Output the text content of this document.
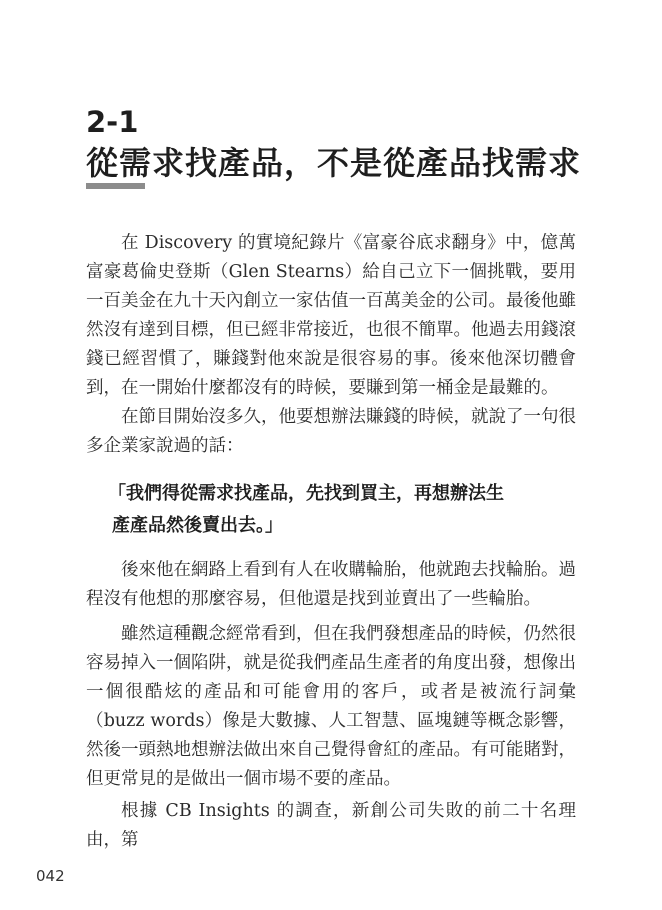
2-1
從需求找產品，不是從產品找需求

在 Discovery 的實境紀錄片《富豪谷底求翻身》中，億萬富豪葛倫史登斯（Glen Stearns）給自己立下一個挑戰，要用一百美金在九十天內創立一家估值一百萬美金的公司。最後他雖然沒有達到目標，但已經非常接近，也很不簡單。他過去用錢滾錢已經習慣了，賺錢對他來說是很容易的事。後來他深切體會到，在一開始什麼都沒有的時候，要賺到第一桶金是最難的。

在節目開始沒多久，他要想辦法賺錢的時候，就說了一句很多企業家說過的話：

「我們得從需求找產品，先找到買主，再想辦法生
產產品然後賣出去。」

後來他在網路上看到有人在收購輪胎，他就跑去找輪胎。過程沒有他想的那麼容易，但他還是找到並賣出了一些輪胎。

雖然這種觀念經常看到，但在我們發想產品的時候，仍然很容易掉入一個陷阱，就是從我們產品生產者的角度出發，想像出一個很酷炫的產品和可能會用的客戶，或者是被流行詞彙（buzz words）像是大數據、人工智慧、區塊鏈等概念影響，然後一頭熱地想辦法做出來自己覺得會紅的產品。有可能賭對，但更常見的是做出一個市場不要的產品。

根據 CB Insights 的調查，新創公司失敗的前二十名理由，第

042
